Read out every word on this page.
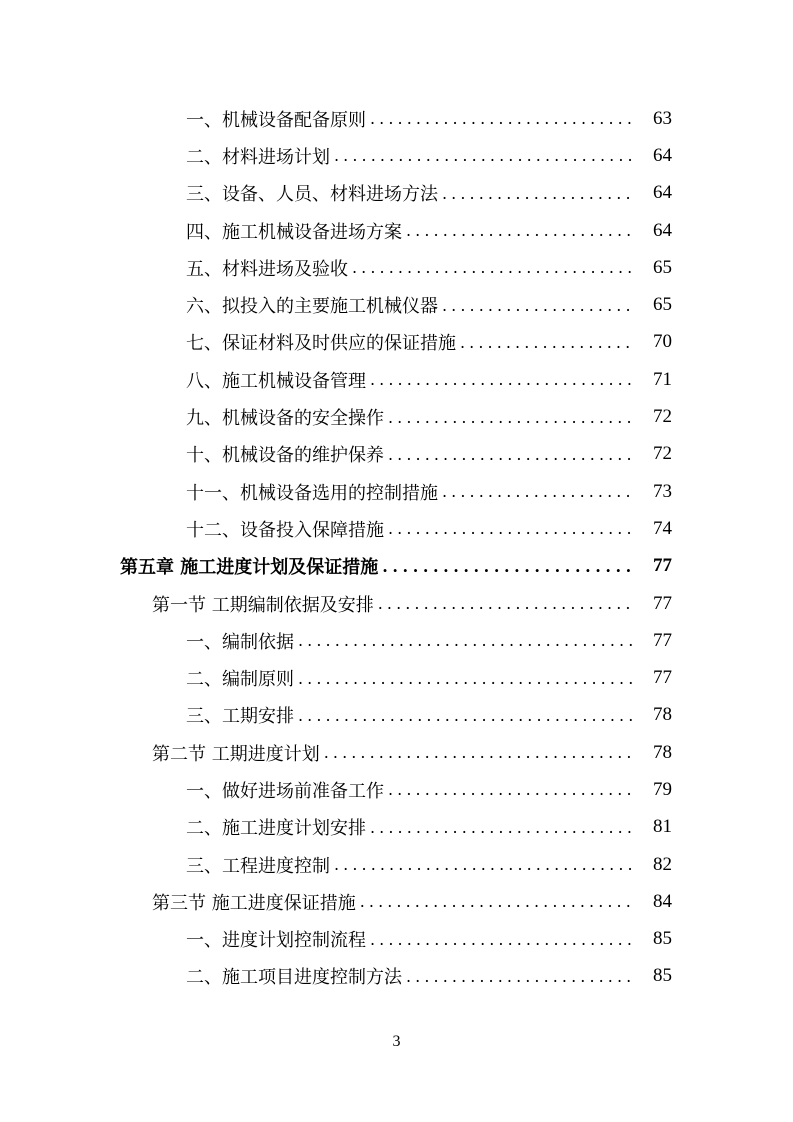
一、机械设备配备原则 . . .	63
二、材料进场计划 . . .	64
三、设备、人员、材料进场方法 . . .	64
四、施工机械设备进场方案 . . .	64
五、材料进场及验收 . . .	65
六、拟投入的主要施工机械仪器 . . .	65
七、保证材料及时供应的保证措施 . . .	70
八、施工机械设备管理 . . .	71
九、机械设备的安全操作 . . .	72
十、机械设备的维护保养 . . .	72
十一、机械设备选用的控制措施 . . .	73
十二、设备投入保障措施 . . .	74
第五章 施工进度计划及保证措施 . . .	77
第一节 工期编制依据及安排 . . .	77
一、编制依据 . . .	77
二、编制原则 . . .	77
三、工期安排 . . .	78
第二节 工期进度计划 . . .	78
一、做好进场前准备工作 . . .	79
二、施工进度计划安排 . . .	81
三、工程进度控制 . . .	82
第三节 施工进度保证措施 . . .	84
一、进度计划控制流程 . . .	85
二、施工项目进度控制方法 . . .	85
3
